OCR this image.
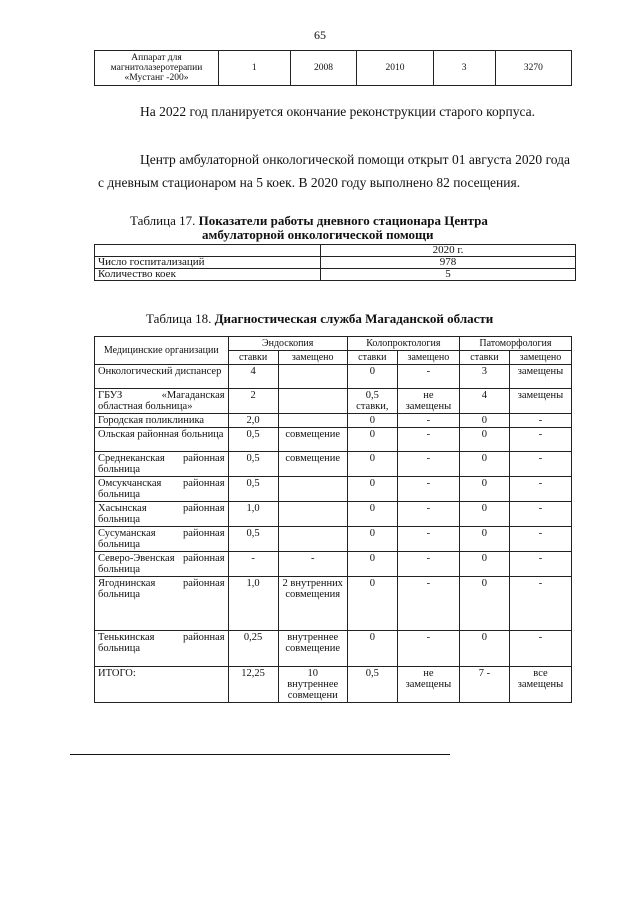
65
Аппарат для магнитолазеротерапии «Мустанг -200»	1	2008	2010	3	3270

На 2022 год планируется окончание реконструкции старого корпуса.

Центр амбулаторной онкологической помощи открыт 01 августа 2020 года с дневным стационаром на 5 коек. В 2020 году выполнено 82 посещения.

Таблица 17. Показатели работы дневного стационара Центра
амбулаторной онкологической помощи
	2020 г.
Число госпитализаций	978
Количество коек	5
Таблица 18. Диагностическая служба Магаданской области
Медицинские организации	Эндоскопия		Колопроктология		Патоморфология	
	ставки	замещено	ставки	замещено	ставки	замещено
Онкологический диспансер	4		0	-	3	замещены
ГБУЗ «Магаданская областная больница»	2		0,5 ставки,	не замещены	4	замещены
Городская поликлиника	2,0		0	-	0	-
Ольская районная больница	0,5	совмещение	0	-	0	-
Среднеканская районная больница	0,5	совмещение	0	-	0	-
Омсукчанская районная больница	0,5		0	-	0	-
Хасынская районная больница	1,0		0	-	0	-
Сусуманская районная больница	0,5		0	-	0	-
Северо-Эвенская районная больница	-	-	0	-	0	-
Ягоднинская районная больница	1,0	2 внутренних совмещения	0	-	0	-
Тенькинская районная больница	0,25	внутреннее совмещение	0	-	0	-
ИТОГО:	12,25	10 внутреннее совмещени	0,5	не замещены	7 -	все замещены
